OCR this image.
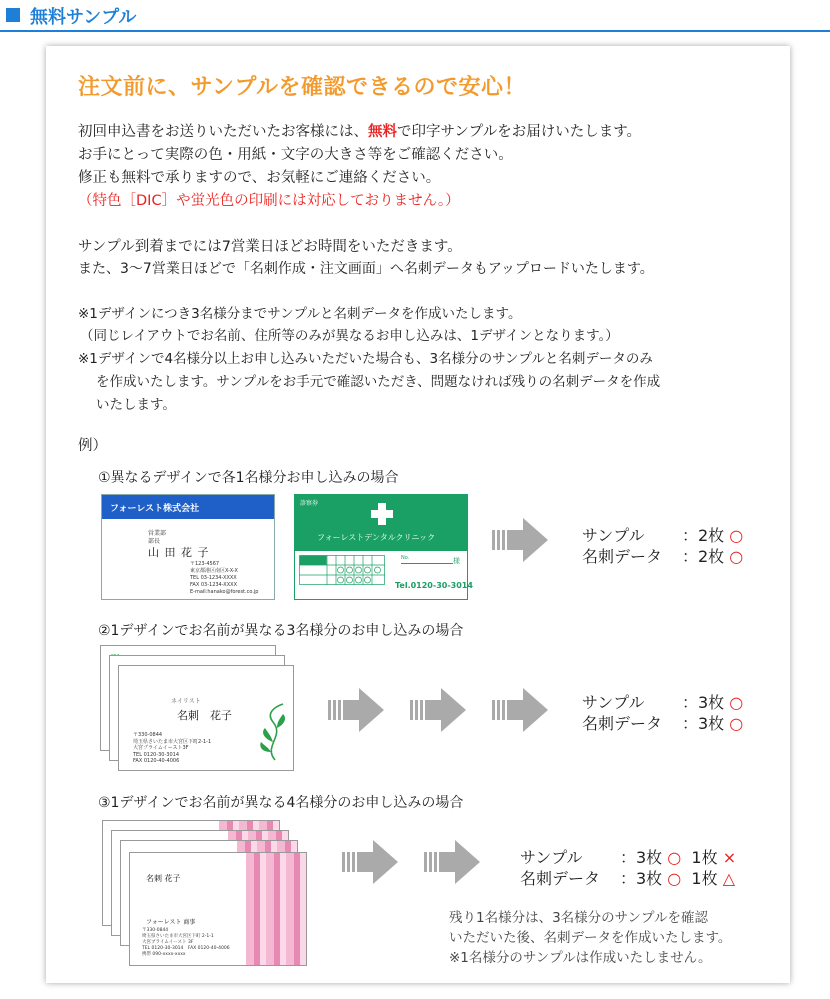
無料サンプル
注文前に、サンプルを確認できるので安心！
初回申込書をお送りいただいたお客様には、無料で印字サンプルをお届けいたします。
お手にとって実際の色・用紙・文字の大きさ等をご確認ください。
修正も無料で承りますので、お気軽にご連絡ください。
（特色［DIC］や蛍光色の印刷には対応しておりません。）
サンプル到着までには7営業日ほどお時間をいただきます。
また、3～7営業日ほどで「名刺作成・注文画面」へ名刺データもアップロードいたします。
※1デザインにつき3名様分までサンプルと名刺データを作成いたします。
（同じレイアウトでお名前、住所等のみが異なるお申し込みは、1デザインとなります。）
※1デザインで4名様分以上お申し込みいただいた場合も、3名様分のサンプルと名刺データのみ
を作成いたします。サンプルをお手元で確認いただき、問題なければ残りの名刺データを作成
いたします。
例）
①異なるデザインで各1名様分お申し込みの場合
フォーレスト株式会社
営業部
部長
山 田 花 子
〒123-4567
東京都港区南区X-X-X
TEL 03-1234-XXXX
FAX 03-1234-XXXX
E-mail:hanako@forest.co.jp
診察券
フォーレストデンタルクリニック
No.	様
Tel.0120-30-3014
サンプル ：2枚 ○
名刺データ ：2枚 ○
②1デザインでお名前が異なる3名様分のお申し込みの場合
ネイリスト
名刺　花子
〒330-0844
埼玉県さいたま市大宮区下町2-1-1
大宮ブライムイースト3F
TEL 0120-30-3014
FAX 0120-40-4006
サンプル ：3枚 ○
名刺データ ：3枚 ○
③1デザインでお名前が異なる4名様分のお申し込みの場合
名刺 花子
フォーレスト 商事
〒330-0844
埼玉県さいたま市大宮区下町 2-1-1
大宮ブライムイースト 3F
TEL 0120-30-3014　FAX 0120-40-4006
携帯 090-xxxx-xxxx
サンプル ：3枚 ○ 1枚 ×
名刺データ ：3枚 ○ 1枚 △
残り1名様分は、3名様分のサンプルを確認
いただいた後、名刺データを作成いたします。
※1名様分のサンプルは作成いたしません。
